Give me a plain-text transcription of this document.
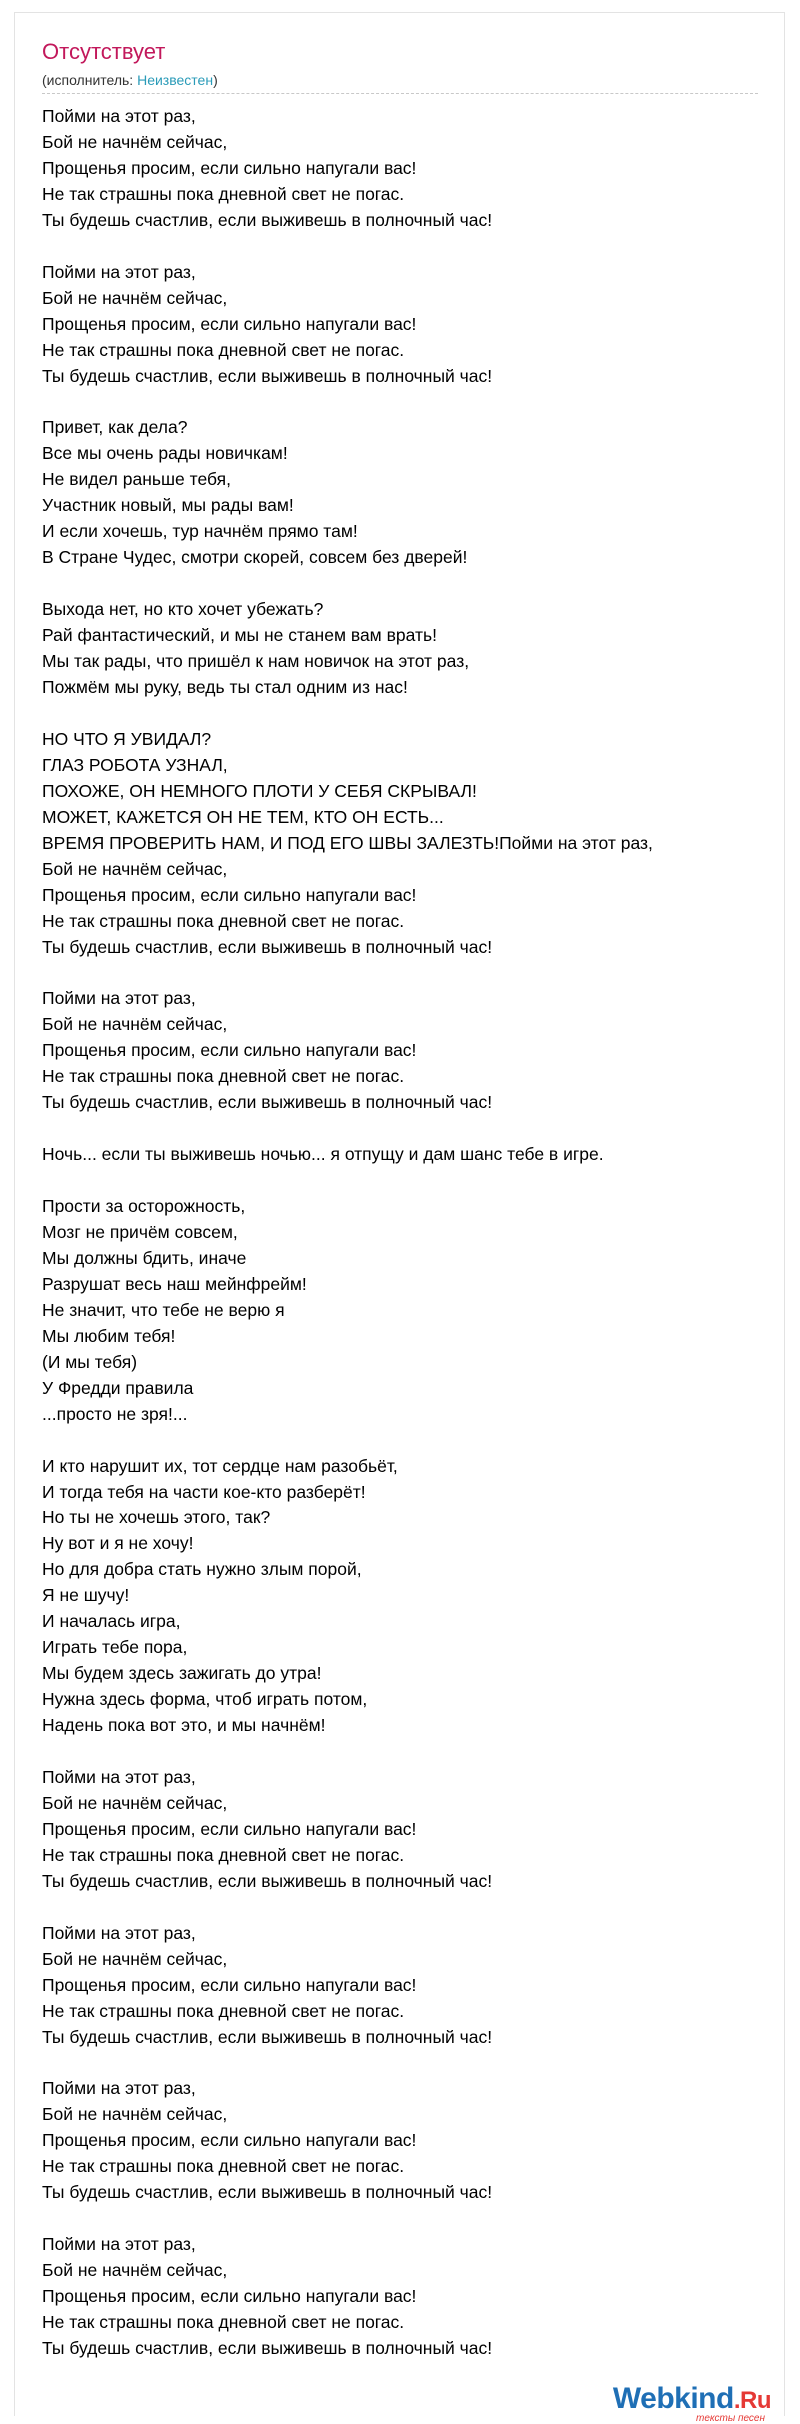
Отсутствует
(исполнитель: Неизвестен)
Пойми на этот раз,
Бой не начнём сейчас,
Прощенья просим, если сильно напугали вас!
Не так страшны пока дневной свет не погас.
Ты будешь счастлив, если выживешь в полночный час!

Пойми на этот раз,
Бой не начнём сейчас,
Прощенья просим, если сильно напугали вас!
Не так страшны пока дневной свет не погас.
Ты будешь счастлив, если выживешь в полночный час!

Привет, как дела?
Все мы очень рады новичкам!
Не видел раньше тебя,
Участник новый, мы рады вам!
И если хочешь, тур начнём прямо там!
В Стране Чудес, смотри скорей, совсем без дверей!

Выхода нет, но кто хочет убежать?
Рай фантастический, и мы не станем вам врать!
Мы так рады, что пришёл к нам новичок на этот раз,
Пожмём мы руку, ведь ты стал одним из нас!

НО ЧТО Я УВИДАЛ?
ГЛАЗ РОБОТА УЗНАЛ,
ПОХОЖЕ, ОН НЕМНОГО ПЛОТИ У СЕБЯ СКРЫВАЛ!
МОЖЕТ, КАЖЕТСЯ ОН НЕ ТЕМ, КТО ОН ЕСТЬ...
ВРЕМЯ ПРОВЕРИТЬ НАМ, И ПОД ЕГО ШВЫ ЗАЛЕЗТЬ!Пойми на этот раз,
Бой не начнём сейчас,
Прощенья просим, если сильно напугали вас!
Не так страшны пока дневной свет не погас.
Ты будешь счастлив, если выживешь в полночный час!

Пойми на этот раз,
Бой не начнём сейчас,
Прощенья просим, если сильно напугали вас!
Не так страшны пока дневной свет не погас.
Ты будешь счастлив, если выживешь в полночный час!

Ночь... если ты выживешь ночью... я отпущу и дам шанс тебе в игре.

Прости за осторожность,
Мозг не причём совсем,
Мы должны бдить, иначе
Разрушат весь наш мейнфрейм!
Не значит, что тебе не верю я
Мы любим тебя!
(И мы тебя)
У Фредди правила
...просто не зря!...

И кто нарушит их, тот сердце нам разобьёт,
И тогда тебя на части кое-кто разберёт!
Но ты не хочешь этого, так?
Ну вот и я не хочу!
Но для добра стать нужно злым порой,
Я не шучу!
И началась игра,
Играть тебе пора,
Мы будем здесь зажигать до утра!
Нужна здесь форма, чтоб играть потом,
Надень пока вот это, и мы начнём!

Пойми на этот раз,
Бой не начнём сейчас,
Прощенья просим, если сильно напугали вас!
Не так страшны пока дневной свет не погас.
Ты будешь счастлив, если выживешь в полночный час!

Пойми на этот раз,
Бой не начнём сейчас,
Прощенья просим, если сильно напугали вас!
Не так страшны пока дневной свет не погас.
Ты будешь счастлив, если выживешь в полночный час!

Пойми на этот раз,
Бой не начнём сейчас,
Прощенья просим, если сильно напугали вас!
Не так страшны пока дневной свет не погас.
Ты будешь счастлив, если выживешь в полночный час!

Пойми на этот раз,
Бой не начнём сейчас,
Прощенья просим, если сильно напугали вас!
Не так страшны пока дневной свет не погас.
Ты будешь счастлив, если выживешь в полночный час!
Webkind.Ru
тексты песен
